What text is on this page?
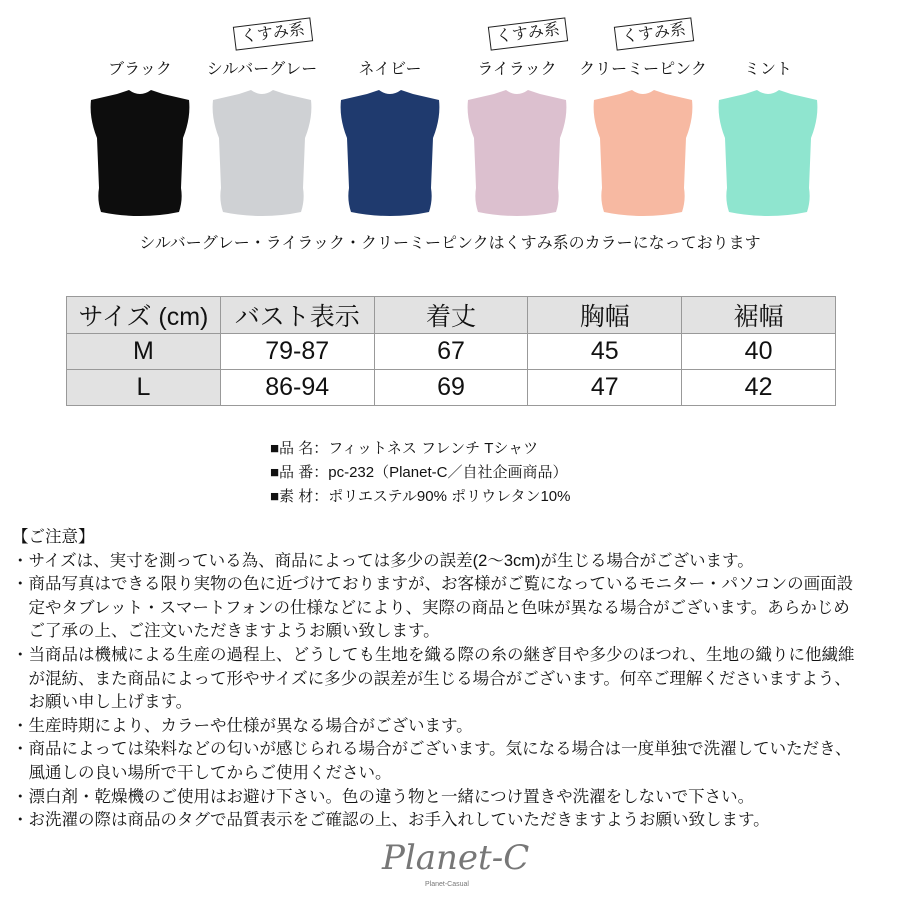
ブラック
くすみ系
シルバーグレー	ネイビー
くすみ系
ライラック
くすみ系
クリーミーピンク ミント
シルバーグレー・ライラック・クリーミーピンクはくすみ系のカラーになっております
サイズ (cm)	バスト表示	着丈	胸幅	裾幅
M	79-87	67	45	40
L	86-94	69	47	42
■品 名：フィットネス フレンチ Tシャツ
■品 番：pc-232（Planet-C／自社企画商品）
■素 材：ポリエステル90% ポリウレタン10%
【ご注意】
・サイズは、実寸を測っている為、商品によっては多少の誤差(2〜3cm)が生じる場合がございます。
・商品写真はできる限り実物の色に近づけておりますが、お客様がご覧になっているモニター・パソコンの画面設
　定やタブレット・スマートフォンの仕様などにより、実際の商品と色味が異なる場合がございます。あらかじめ
　ご了承の上、ご注文いただきますようお願い致します。
・当商品は機械による生産の過程上、どうしても生地を織る際の糸の継ぎ目や多少のほつれ、生地の織りに他繊維
　が混紡、また商品によって形やサイズに多少の誤差が生じる場合がございます。何卒ご理解くださいますよう、
　お願い申し上げます。
・生産時期により、カラーや仕様が異なる場合がございます。
・商品によっては染料などの匂いが感じられる場合がございます。気になる場合は一度単独で洗濯していただき、
　風通しの良い場所で干してからご使用ください。
・漂白剤・乾燥機のご使用はお避け下さい。色の違う物と一緒につけ置きや洗濯をしないで下さい。
・お洗濯の際は商品のタグで品質表示をご確認の上、お手入れしていただきますようお願い致します。
Planet-C
Planet-Casual
